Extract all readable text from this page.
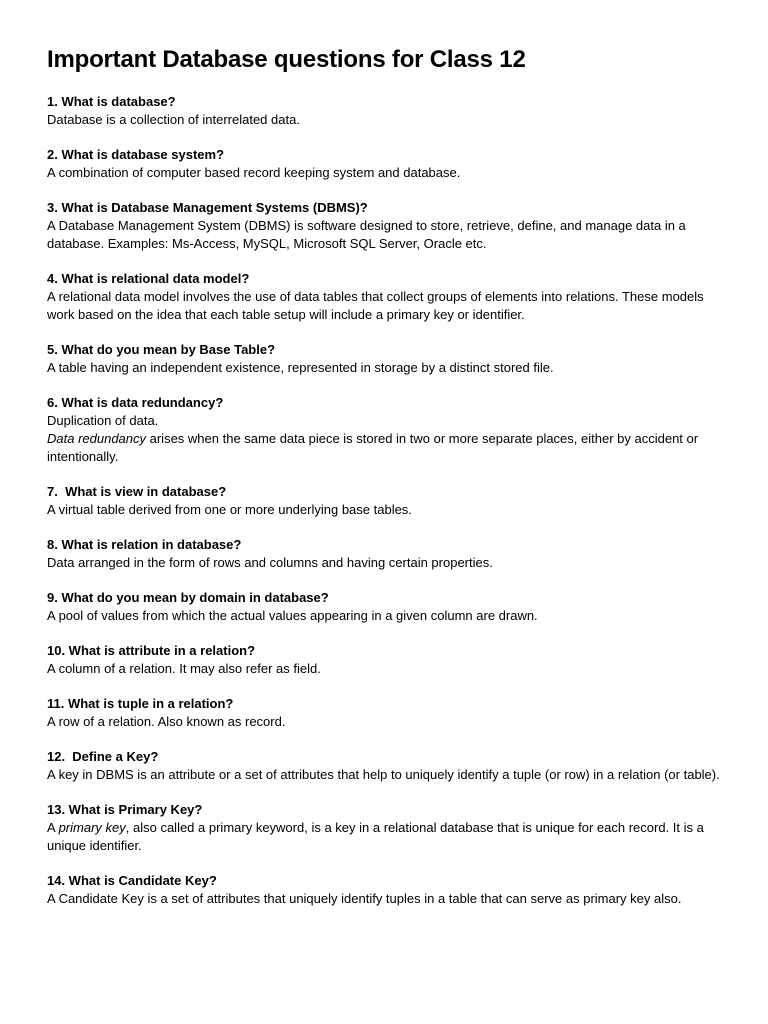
Important Database questions for Class 12

1. What is database?

Database is a collection of interrelated data.

2. What is database system?

A combination of computer based record keeping system and database.

3. What is Database Management Systems (DBMS)?

A Database Management System (DBMS) is software designed to store, retrieve, define, and manage data in a database. Examples: Ms-Access, MySQL, Microsoft SQL Server, Oracle etc.

4. What is relational data model?

A relational data model involves the use of data tables that collect groups of elements into relations. These models work based on the idea that each table setup will include a primary key or identifier.

5. What do you mean by Base Table?

A table having an independent existence, represented in storage by a distinct stored file.

6. What is data redundancy?

Duplication of data.

Data redundancy arises when the same data piece is stored in two or more separate places, either by accident or intentionally.

7.  What is view in database?

A virtual table derived from one or more underlying base tables.

8. What is relation in database?

Data arranged in the form of rows and columns and having certain properties.

9. What do you mean by domain in database?

A pool of values from which the actual values appearing in a given column are drawn.

10. What is attribute in a relation?

A column of a relation. It may also refer as field.

11. What is tuple in a relation?

A row of a relation. Also known as record.

12.  Define a Key?

A key in DBMS is an attribute or a set of attributes that help to uniquely identify a tuple (or row) in a relation (or table).

13. What is Primary Key?

A primary key, also called a primary keyword, is a key in a relational database that is unique for each record. It is a unique identifier.

14. What is Candidate Key?

A Candidate Key is a set of attributes that uniquely identify tuples in a table that can serve as primary key also.
